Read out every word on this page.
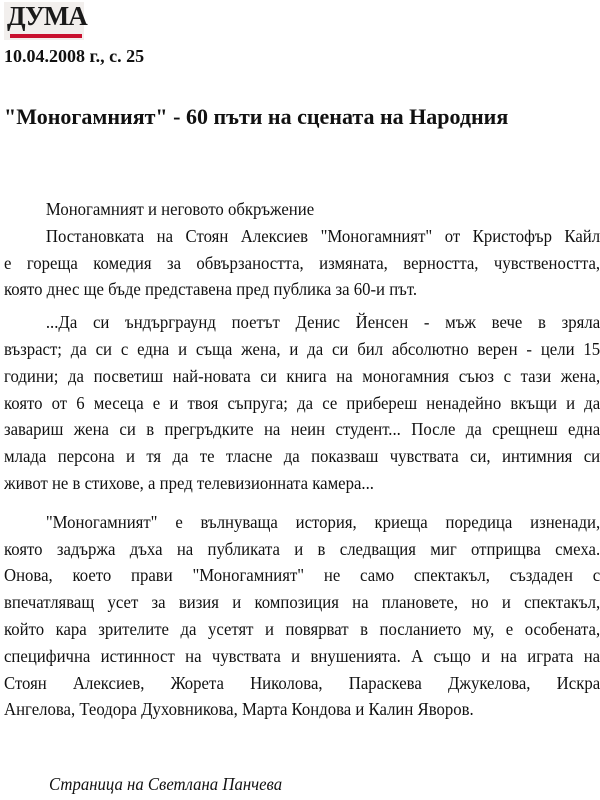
ДУМА
10.04.2008 г., с. 25
"Моногамният" - 60 пъти на сцената на Народния
Моногамният и неговото обкръжение
Постановката на Стоян Алексиев "Моногамният" от Кристофър Кайл
е гореща комедия за обвързаността, измяната, верността, чувствеността,
която днес ще бъде представена пред публика за 60-и път.
...Да си ъндърграунд поетът Денис Йенсен - мъж вече в зряла
възраст; да си с една и съща жена, и да си бил абсолютно верен - цели 15
години; да посветиш най-новата си книга на моногамния съюз с тази жена,
която от 6 месеца е и твоя съпруга; да се прибереш ненадейно вкъщи и да
завариш жена си в прегръдките на неин студент... После да срещнеш една
млада персона и тя да те тласне да показваш чувствата си, интимния си
живот не в стихове, а пред телевизионната камера...
"Моногамният" е вълнуваща история, криеща поредица изненади,
която задържа дъха на публиката и в следващия миг отприщва смеха.
Онова, което прави "Моногамният" не само спектакъл, създаден с
впечатляващ усет за визия и композиция на плановете, но и спектакъл,
който кара зрителите да усетят и повярват в посланието му, е особената,
специфична истинност на чувствата и внушенията. А също и на играта на
Стоян Алексиев, Жорета Николова, Параскева Джукелова, Искра
Ангелова, Теодора Духовникова, Марта Кондова и Калин Яворов.
Страница на Светлана Панчева
